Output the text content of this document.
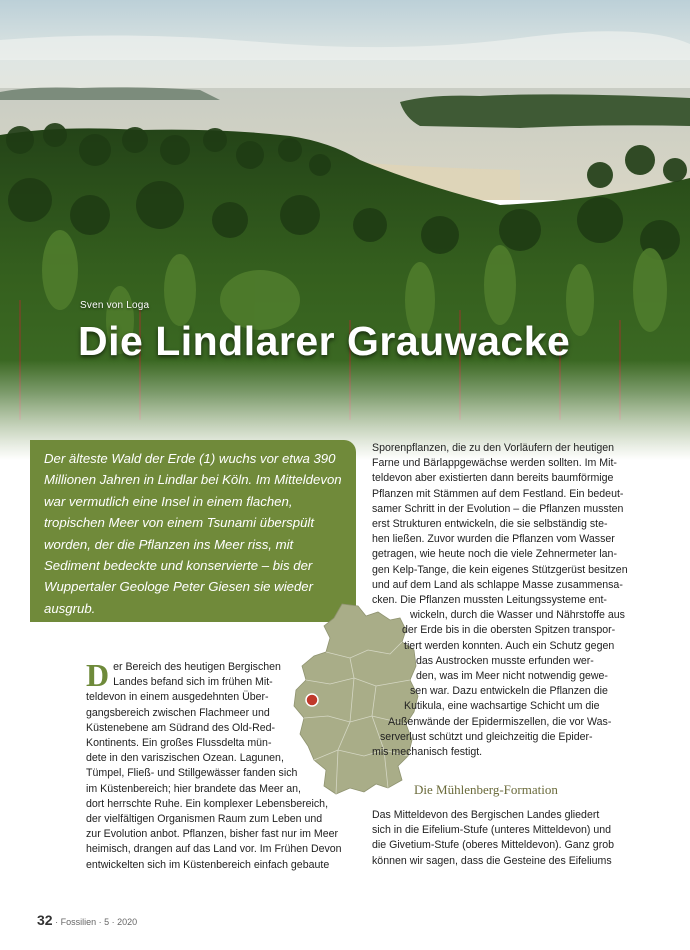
Sven von Loga
Die Lindlarer Grauwacke

Der älteste Wald der Erde (1) wuchs vor etwa 390 Millionen Jahren in Lindlar bei Köln. Im Mitteldevon war vermutlich eine Insel in einem flachen, tropischen Meer von einem Tsunami überspült worden, der die Pflanzen ins Meer riss, mit Sediment bedeckte und konservierte – bis der Wuppertaler Geologe Peter Giesen sie wieder ausgrub.

D er Bereich des heutigen Bergischen
Landes befand sich im frühen Mit-
teldevon in einem ausgedehnten Über-
gangsbereich zwischen Flachmeer und
Küstenebene am Südrand des Old-Red-
Kontinents. Ein großes Flussdelta mün-
dete in den variszischen Ozean. Lagunen,
Tümpel, Fließ- und Stillgewässer fanden sich
im Küstenbereich; hier brandete das Meer an,
dort herrschte Ruhe. Ein komplexer Lebensbereich,
der vielfältigen Organismen Raum zum Leben und
zur Evolution anbot. Pflanzen, bisher fast nur im Meer
heimisch, drangen auf das Land vor. Im Frühen Devon
entwickelten sich im Küstenbereich einfach gebaute
Sporenpflanzen, die zu den Vorläufern der heutigen
Farne und Bärlappgewächse werden sollten. Im Mit-
teldevon aber existierten dann bereits baumförmige
Pflanzen mit Stämmen auf dem Festland. Ein bedeut-
samer Schritt in der Evolution – die Pflanzen mussten
erst Strukturen entwickeln, die sie selbständig ste-
hen ließen. Zuvor wurden die Pflanzen vom Wasser
getragen, wie heute noch die viele Zehnermeter lan-
gen Kelp-Tange, die kein eigenes Stützgerüst besitzen
und auf dem Land als schlappe Masse zusammensa-
cken. Die Pflanzen mussten Leitungssysteme ent-
wickeln, durch die Wasser und Nährstoffe aus
der Erde bis in die obersten Spitzen transpor-
tiert werden konnten. Auch ein Schutz gegen
das Austrocken musste erfunden wer-
den, was im Meer nicht notwendig gewe-
sen war. Dazu entwickeln die Pflanzen die
Kutikula, eine wachsartige Schicht um die
Außenwände der Epidermiszellen, die vor Was-
serverlust schützt und gleichzeitig die Epider-
mis mechanisch festigt.
Die Mühlenberg-Formation
Das Mitteldevon des Bergischen Landes gliedert
sich in die Eifelium-Stufe (unteres Mitteldevon) und
die Givetium-Stufe (oberes Mitteldevon). Ganz grob
können wir sagen, dass die Gesteine des Eifeliums
32 · Fossilien · 5 · 2020
